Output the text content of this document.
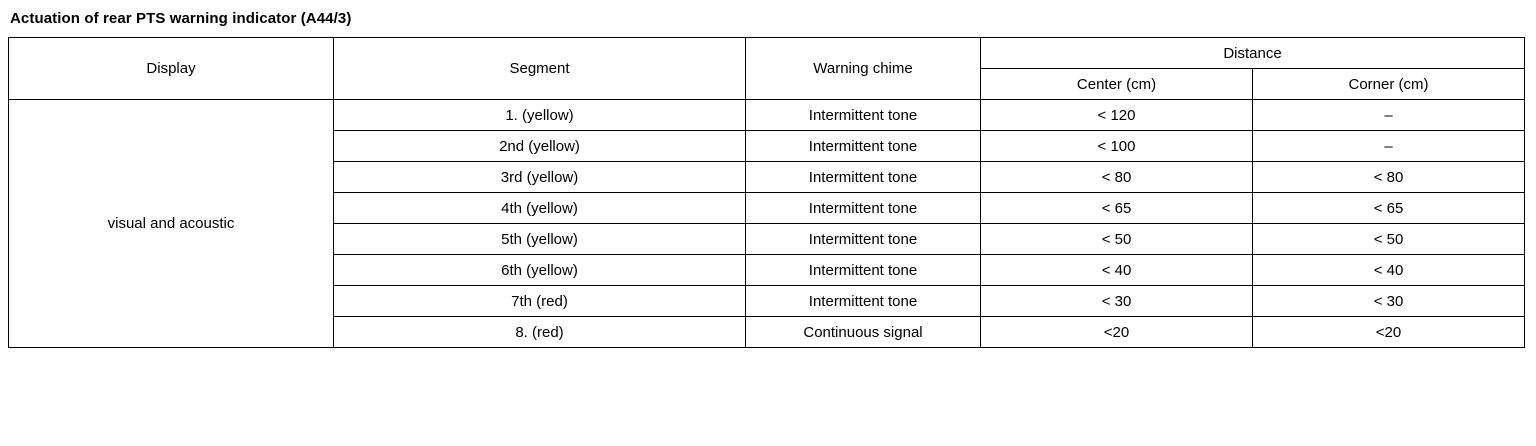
Actuation of rear PTS warning indicator (A44/3)
Display	Segment	Warning chime	Distance	
			Center (cm)	Corner (cm)
visual and acoustic	1. (yellow)	Intermittent tone	< 120	–
	2nd (yellow)	Intermittent tone	< 100	–
	3rd (yellow)	Intermittent tone	< 80	< 80
	4th (yellow)	Intermittent tone	< 65	< 65
	5th (yellow)	Intermittent tone	< 50	< 50
	6th (yellow)	Intermittent tone	< 40	< 40
	7th (red)	Intermittent tone	< 30	< 30
	8. (red)	Continuous signal	<20	<20
